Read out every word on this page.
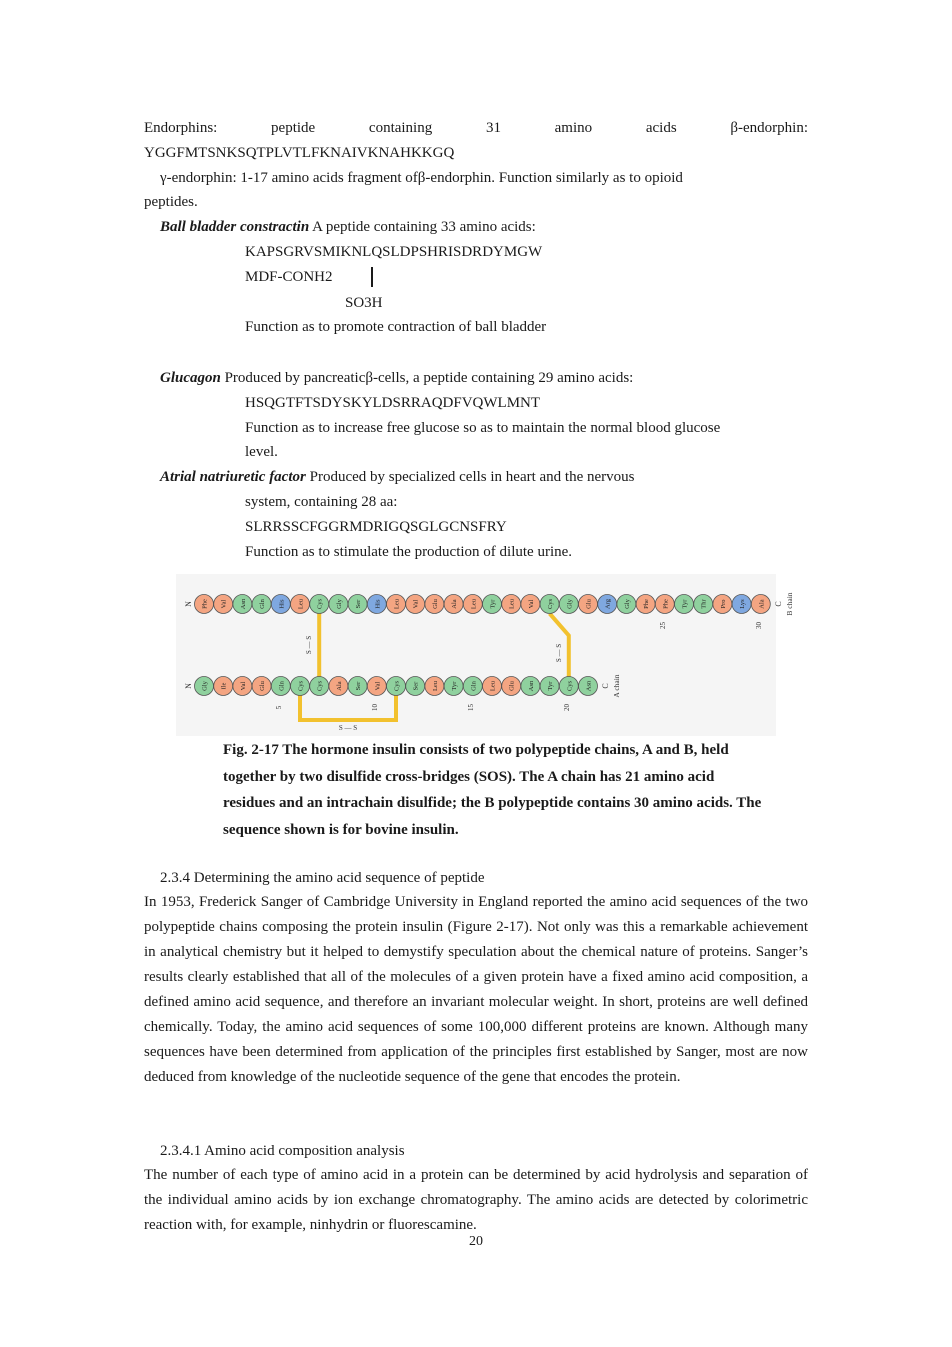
Endorphins:	peptide	containing	31	amino	acids	β-endorphin:
YGGFMTSNKSQTPLVTLFKNAIVKNAHKKGQ
γ-endorphin: 1-17 amino acids fragment ofβ-endorphin. Function similarly as to opioid
peptides.
Ball bladder constractin A peptide containing 33 amino acids:
KAPSGRVSMIKNLQSLDPSHRISDRDYMGW
MDF-CONH2
SO3H
Function as to promote contraction of ball bladder
Glucagon Produced by pancreaticβ-cells, a peptide containing 29 amino acids:
HSQGTFTSDYSKYLDSRRAQDFVQWLMNT
Function as to increase free glucose so as to maintain the normal blood glucose
level.
Atrial natriuretic factor Produced by specialized cells in heart and the nervous
system, containing 28 aa:
SLRRSSCFGGRMDRIGQSGLGCNSFRY
Function as to stimulate the production of dilute urine.
S — S	S — S
S — S
N Phe Val Asn Gln His Leu Cys Gly Ser His Leu Val Glu Ala Leu Tyr Leu Val Cys Gly Glu Arg Gly Phe Phe Tyr Thr Pro Lys Ala C B chain
25	30
N Gly Ile Val Glu Gln Cys Cys Ala Ser Val Cys Ser Leu Tyr Gln Leu Glu Asn Tyr Cys Asn C A chain
5	10	15	20
Fig. 2-17 The hormone insulin consists of two polypeptide chains, A and B, held together by two disulfide cross-bridges (SOS). The A chain has 21 amino acid residues and an intrachain disulfide; the B polypeptide contains 30 amino acids. The sequence shown is for bovine insulin.
2.3.4 Determining the amino acid sequence of peptide
In 1953, Frederick Sanger of Cambridge University in England reported the amino acid sequences of the two polypeptide chains composing the protein insulin (Figure 2-17). Not only was this a remarkable achievement in analytical chemistry but it helped to demystify speculation about the chemical nature of proteins. Sanger’s results clearly established that all of the molecules of a given protein have a fixed amino acid composition, a defined amino acid sequence, and therefore an invariant molecular weight. In short, proteins are well defined chemically. Today, the amino acid sequences of some 100,000 different proteins are known. Although many sequences have been determined from application of the principles first established by Sanger, most are now deduced from knowledge of the nucleotide sequence of the gene that encodes the protein.
2.3.4.1 Amino acid composition analysis
The number of each type of amino acid in a protein can be determined by acid hydrolysis and separation of the individual amino acids by ion exchange chromatography. The amino acids are detected by colorimetric reaction with, for example, ninhydrin or fluorescamine.
20
